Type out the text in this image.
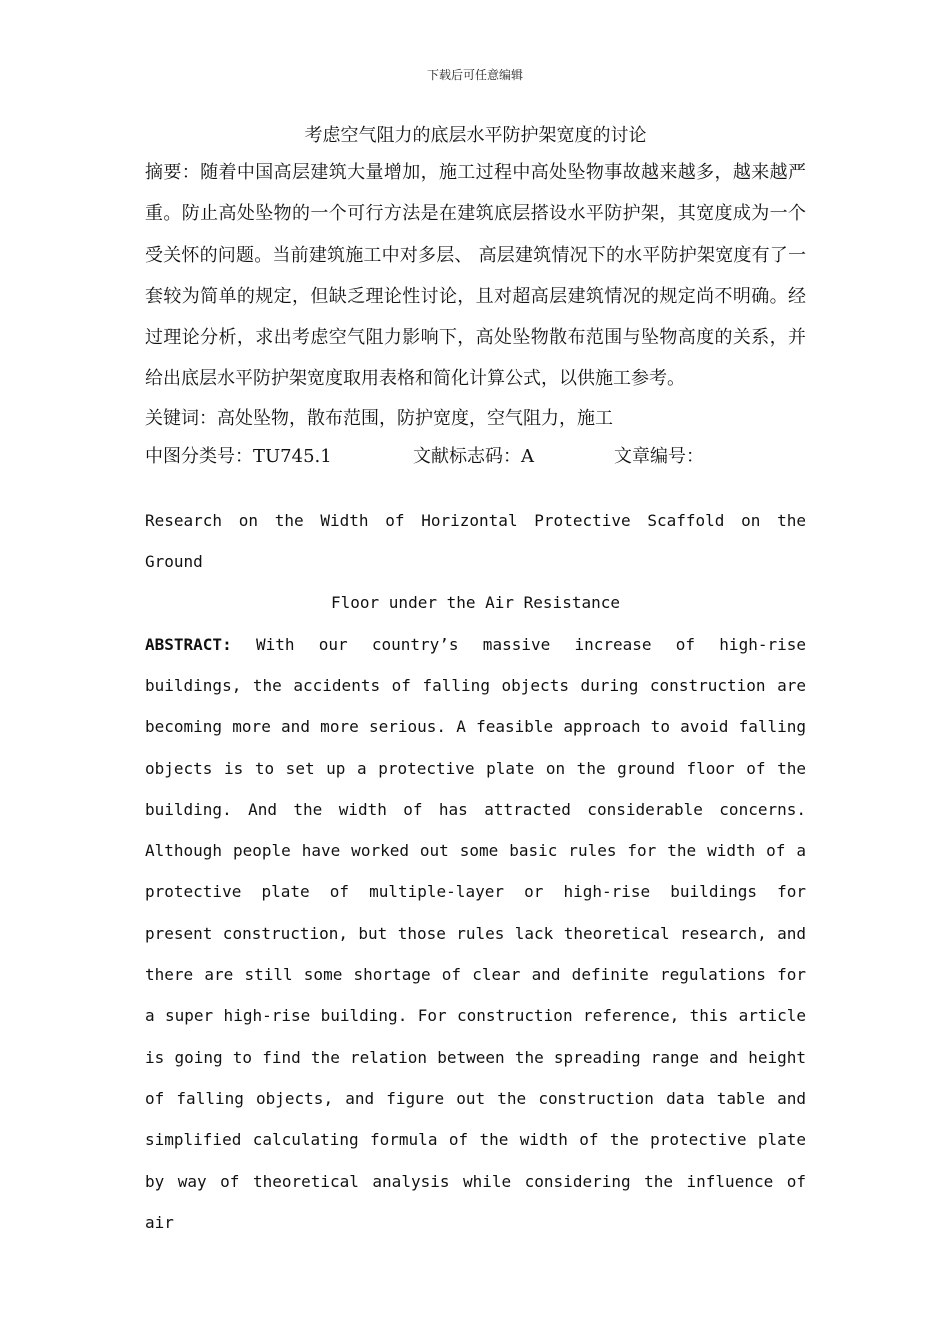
下载后可任意编辑
考虑空气阻力的底层水平防护架宽度的讨论

摘要：随着中国高层建筑大量增加，施工过程中高处坠物事故越来越多，越来越严重。防止高处坠物的一个可行方法是在建筑底层搭设水平防护架，其宽度成为一个受关怀的问题。当前建筑施工中对多层、 高层建筑情况下的水平防护架宽度有了一套较为简单的规定，但缺乏理论性讨论，且对超高层建筑情况的规定尚不明确。经过理论分析，求出考虑空气阻力影响下，高处坠物散布范围与坠物高度的关系，并给出底层水平防护架宽度取用表格和简化计算公式，以供施工参考。

关键词：高处坠物，散布范围，防护宽度，空气阻力，施工
中图分类号：TU745.1	文献标志码：A	文章编号：
Research on the Width of Horizontal Protective Scaffold on the Ground
Floor under the Air Resistance

ABSTRACT: With our country’s massive increase of high-rise buildings, the accidents of falling objects during construction are becoming more and more serious. A feasible approach to avoid falling objects is to set up a protective plate on the ground floor of the building. And the width of has attracted considerable concerns. Although people have worked out some basic rules for the width of a protective plate of multiple-layer or high-rise buildings for present construction, but those rules lack theoretical research, and there are still some shortage of clear and definite regulations for a super high-rise building. For construction reference, this article is going to find the relation between the spreading range and height of falling objects, and figure out the construction data table and simplified calculating formula of the width of the protective plate by way of theoretical analysis while considering the influence of air
